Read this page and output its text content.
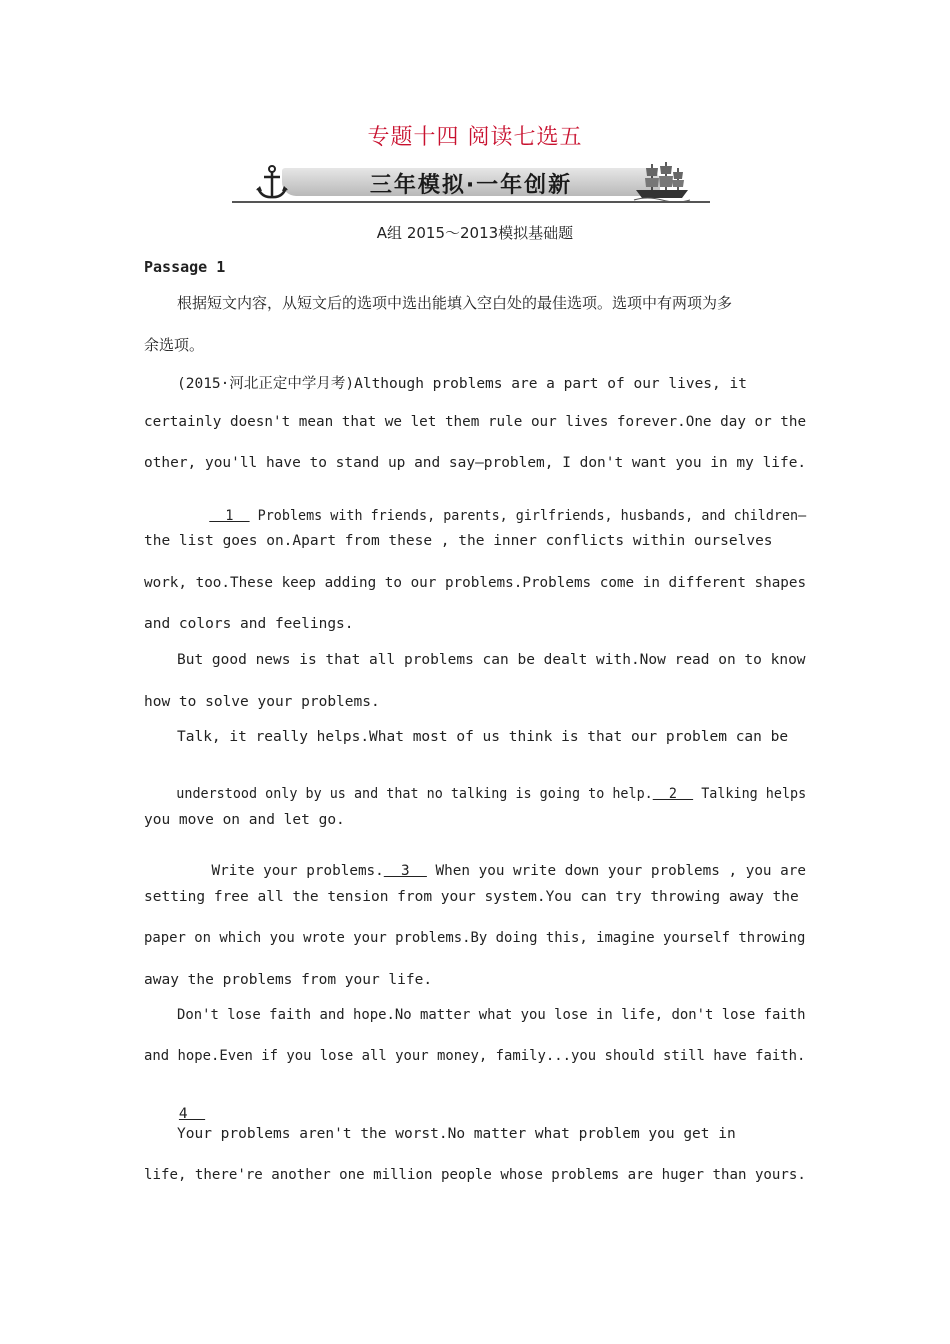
专题十四 阅读七选五
三年模拟·一年创新
A组 2015～2013模拟基础题
Passage 1
根据短文内容，从短文后的选项中选出能填入空白处的最佳选项。选项中有两项为多
余选项。
(2015·河北正定中学月考)Although problems are a part of our lives, it
certainly doesn't mean that we let them rule our lives forever.One day or the
other, you'll have to stand up and say—problem, I don't want you in my life.

1   Problems with friends, parents, girlfriends, husbands, and children—

the list goes on.Apart from these , the inner conflicts within ourselves
work, too.These keep adding to our problems.Problems come in different shapes
and colors and feelings.
But good news is that all problems can be dealt with.Now read on to know
how to solve your problems.
Talk, it really helps.What most of us think is that our problem can be

understood only by us and that no talking is going to help.  2   Talking helps

you move on and let go.

Write your problems.  3   When you write down your problems , you are

setting free all the tension from your system.You can try throwing away the
paper on which you wrote your problems.By doing this, imagine yourself throwing
away the problems from your life.
Don't lose faith and hope.No matter what you lose in life, don't lose faith
and hope.Even if you lose all your money, family...you should still have faith.

4

Your problems aren't the worst.No matter what problem you get in
life, there're another one million people whose problems are huger than yours.
